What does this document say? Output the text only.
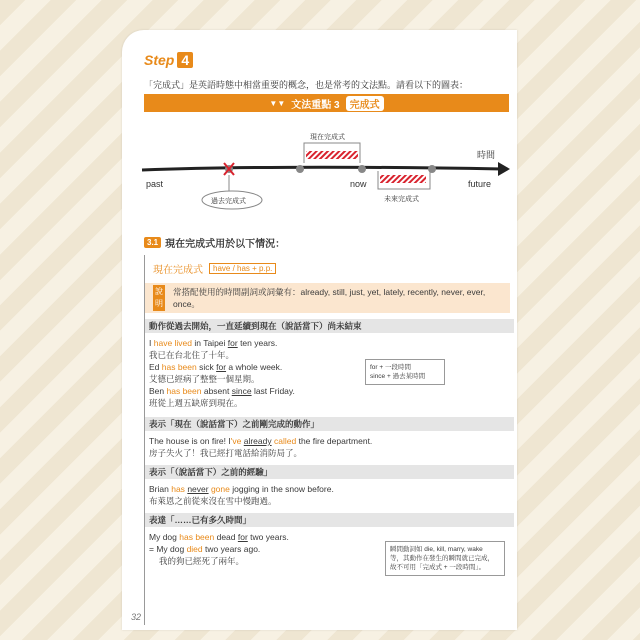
Step 4
「完成式」是英語時態中相當重要的概念，也是常考的文法點。請看以下的圖表：
▼▼ 文法重點 3	完成式
past	now	future
時間
現在完成式
過去完成式	未來完成式
3.1 現在完成式用於以下情況：
現在完成式	have / has + p.p.
說明

常搭配使用的時間副詞或詞彙有：already, still, just, yet, lately, recently, never, ever, once。

動作從過去開始，一直延續到現在（說話當下）尚未結束

I have lived in Taipei for ten years.

我已在台北住了十年。

Ed has been sick for a whole week.

艾德已經病了整整一個星期。

Ben has been absent since last Friday.

班從上週五缺席到現在。

for + 一段時間

since + 過去某時間

表示「現在（說話當下）之前剛完成的動作」

The house is on fire! I've already called the fire department.

房子失火了！我已經打電話給消防局了。

表示「（說話當下）之前的經驗」

Brian has never gone jogging in the snow before.

布萊恩之前從來沒在雪中慢跑過。

表達「……已有多久時間」

My dog has been dead for two years.

= My dog died two years ago.

我的狗已經死了兩年。

瞬間動詞如 die, kill, marry, wake

等，其動作在發生的瞬間就已完成，

故不可用「完成式 + 一段時間」。

32
